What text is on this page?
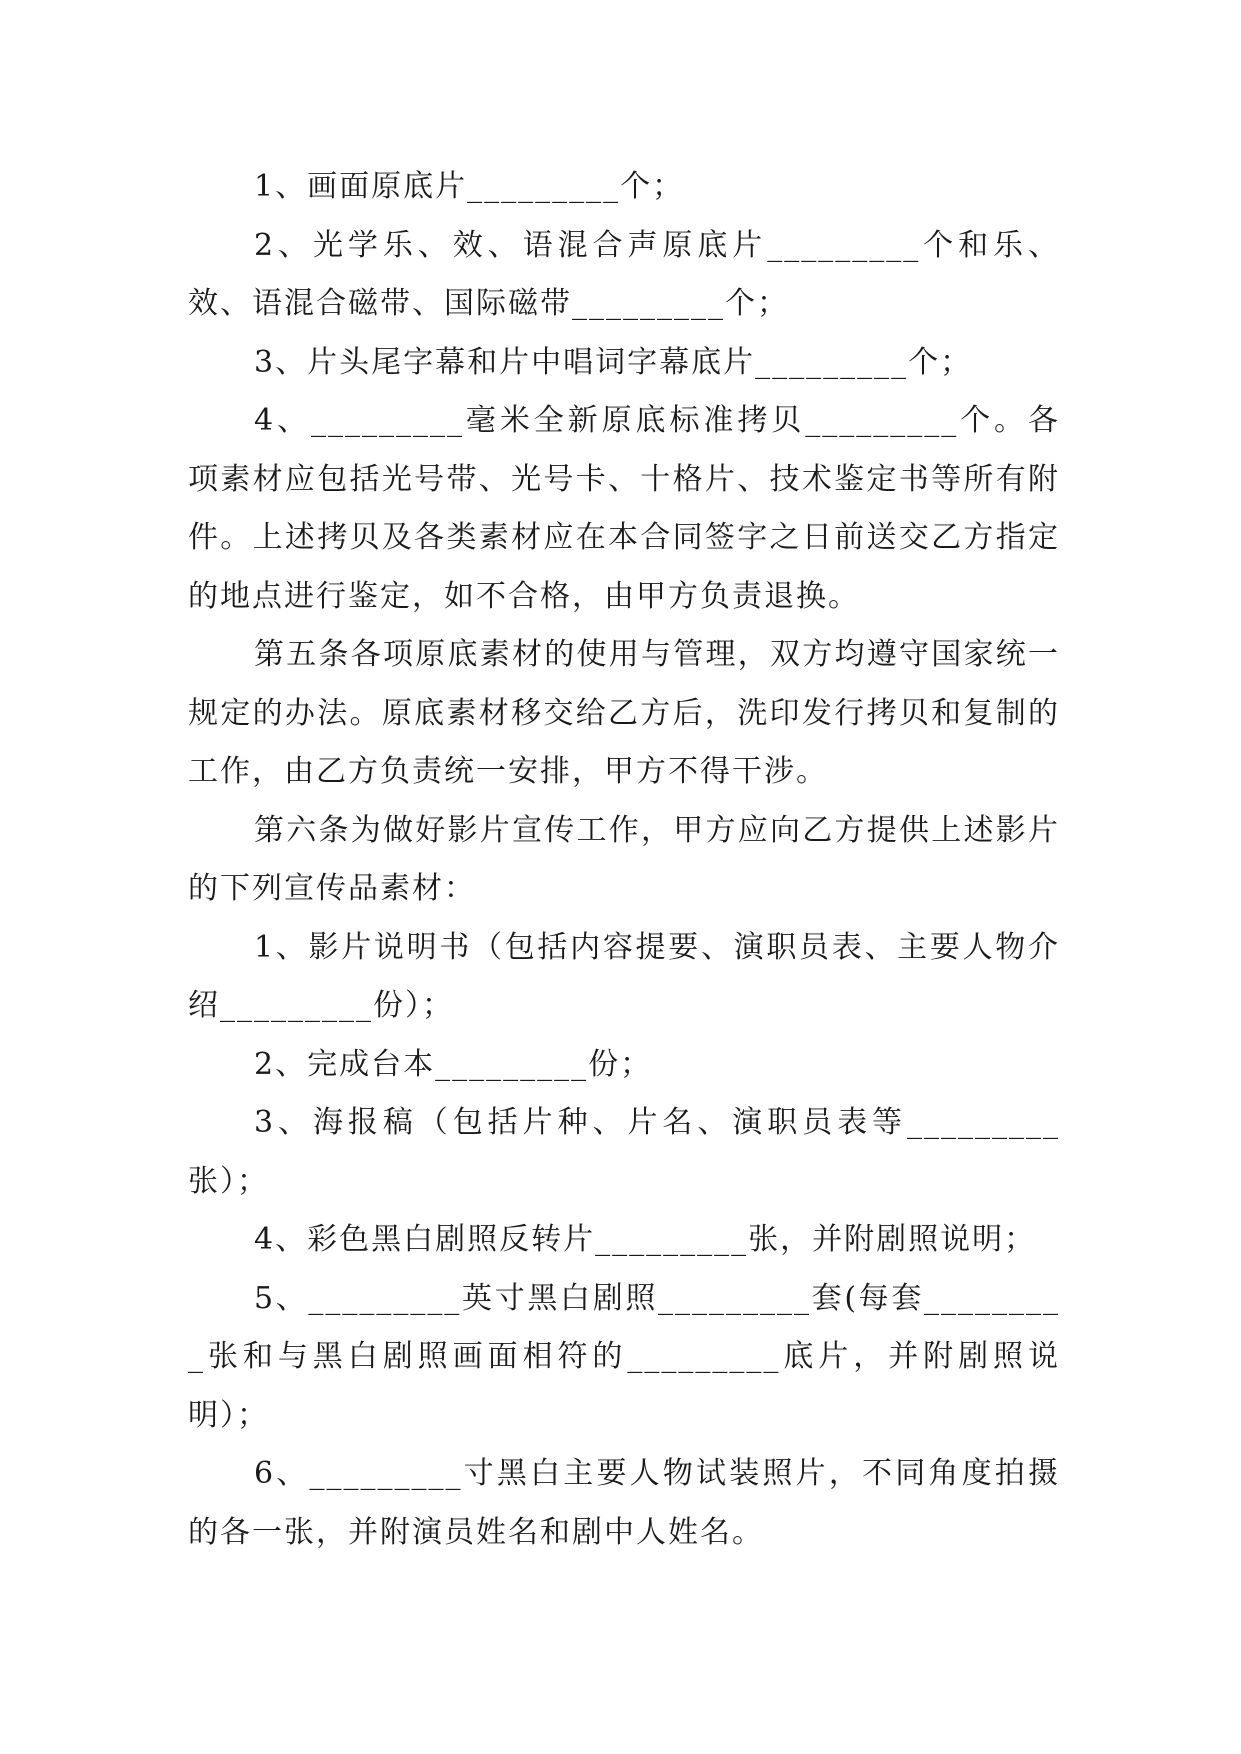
1、画面原底片_________个；

2、光学乐、效、语混合声原底片_________个和乐、效、语混合磁带、国际磁带_________个；

3、片头尾字幕和片中唱词字幕底片_________个；

4、_________毫米全新原底标准拷贝_________个。各项素材应包括光号带、光号卡、十格片、技术鉴定书等所有附件。上述拷贝及各类素材应在本合同签字之日前送交乙方指定的地点进行鉴定，如不合格，由甲方负责退换。

第五条各项原底素材的使用与管理，双方均遵守国家统一规定的办法。原底素材移交给乙方后，洗印发行拷贝和复制的工作，由乙方负责统一安排，甲方不得干涉。

第六条为做好影片宣传工作，甲方应向乙方提供上述影片的下列宣传品素材：

1、影片说明书（包括内容提要、演职员表、主要人物介绍_________份）；

2、完成台本_________份；

3、海报稿（包括片种、片名、演职员表等_________张）；

4、彩色黑白剧照反转片_________张，并附剧照说明；

5、_________英寸黑白剧照_________套(每套_________张和与黑白剧照画面相符的_________底片，并附剧照说明）；

6、_________寸黑白主要人物试装照片，不同角度拍摄的各一张，并附演员姓名和剧中人姓名。
